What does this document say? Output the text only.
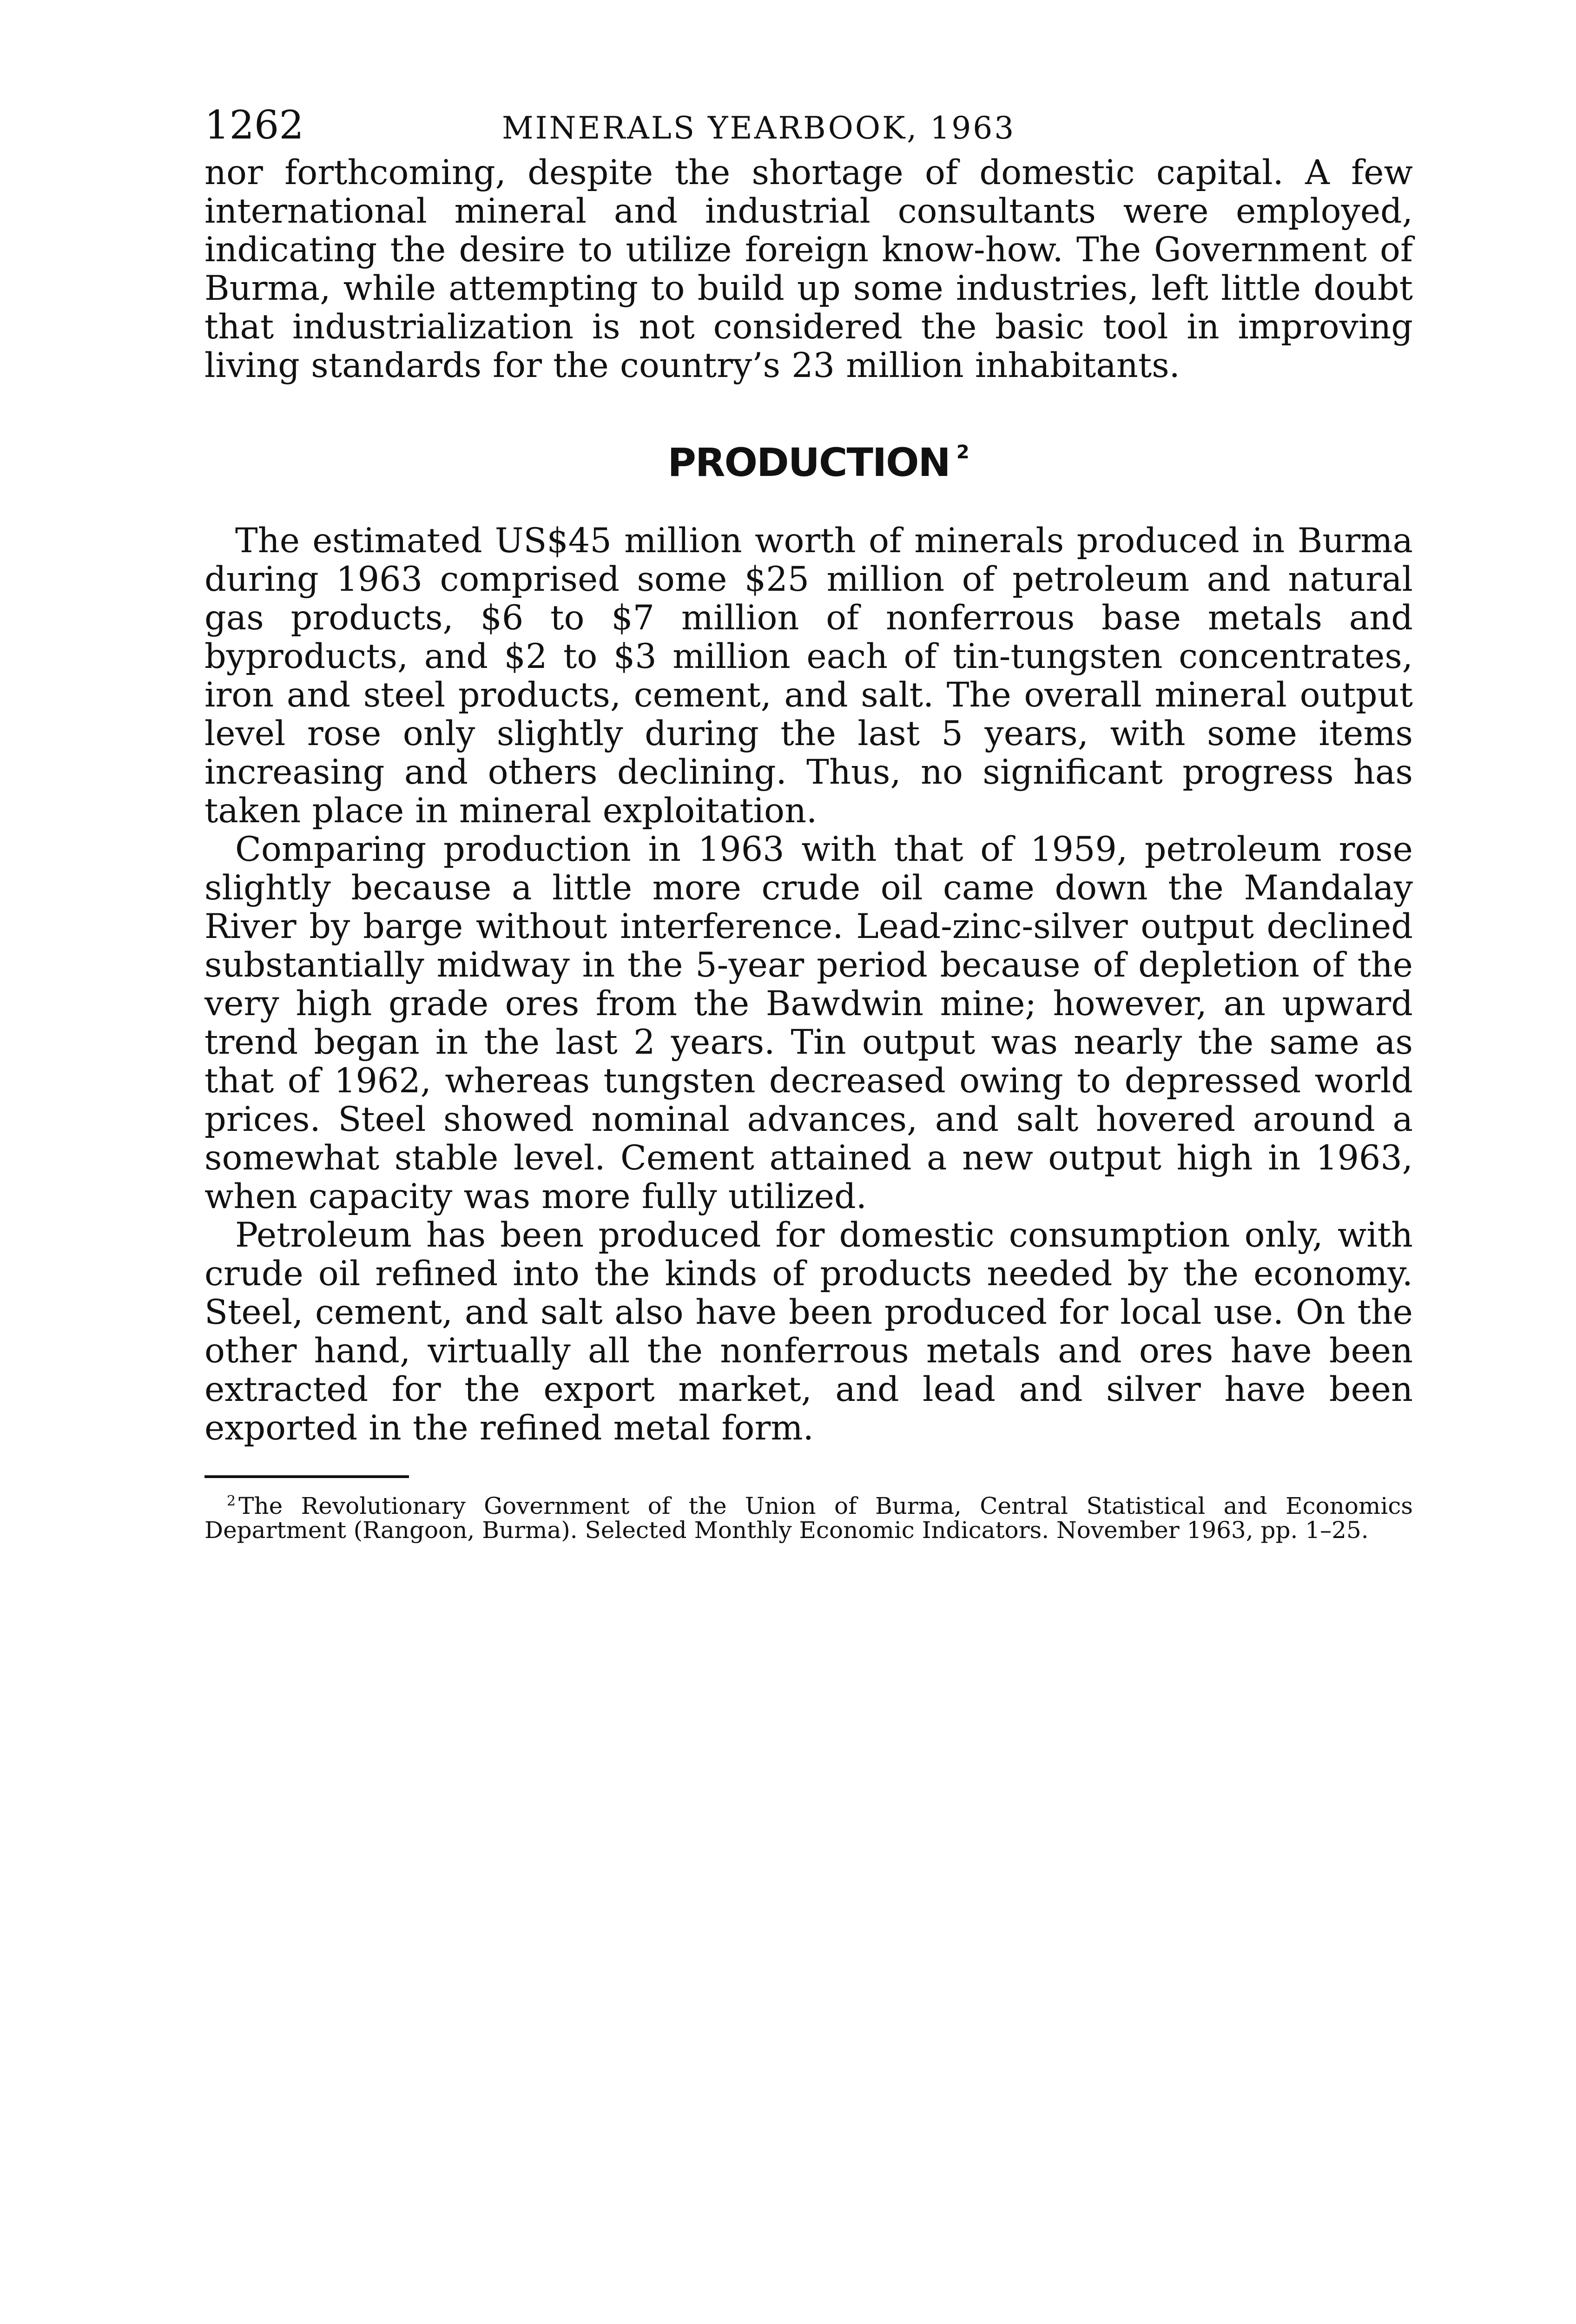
1262	MINERALS YEARBOOK, 1963

nor forthcoming, despite the shortage of domestic capital. A few international mineral and industrial consultants were employed, indicating the desire to utilize foreign know-how. The Government of Burma, while attempting to build up some industries, left little doubt that industrialization is not considered the basic tool in improving living standards for the country’s 23 million inhabitants.

PRODUCTION $^2$

The estimated US$45 million worth of minerals produced in Burma during 1963 comprised some $25 million of petroleum and natural gas products, $6 to $7 million of nonferrous base metals and byproducts, and $2 to $3 million each of tin-tungsten concentrates, iron and steel products, cement, and salt. The overall mineral output level rose only slightly during the last 5 years, with some items increasing and others declining. Thus, no significant progress has taken place in mineral exploitation.

Comparing production in 1963 with that of 1959, petroleum rose slightly because a little more crude oil came down the Mandalay River by barge without interference. Lead-zinc-silver output declined substantially midway in the 5-year period because of depletion of the very high grade ores from the Bawdwin mine; however, an upward trend began in the last 2 years. Tin output was nearly the same as that of 1962, whereas tungsten decreased owing to depressed world prices. Steel showed nominal advances, and salt hovered around a somewhat stable level. Cement attained a new output high in 1963, when capacity was more fully utilized.

Petroleum has been produced for domestic consumption only, with crude oil refined into the kinds of products needed by the economy. Steel, cement, and salt also have been produced for local use. On the other hand, virtually all the nonferrous metals and ores have been extracted for the export market, and lead and silver have been exported in the refined metal form.

$^2$ The Revolutionary Government of the Union of Burma, Central Statistical and Economics Department (Rangoon, Burma). Selected Monthly Economic Indicators. November 1963, pp. 1–25.
